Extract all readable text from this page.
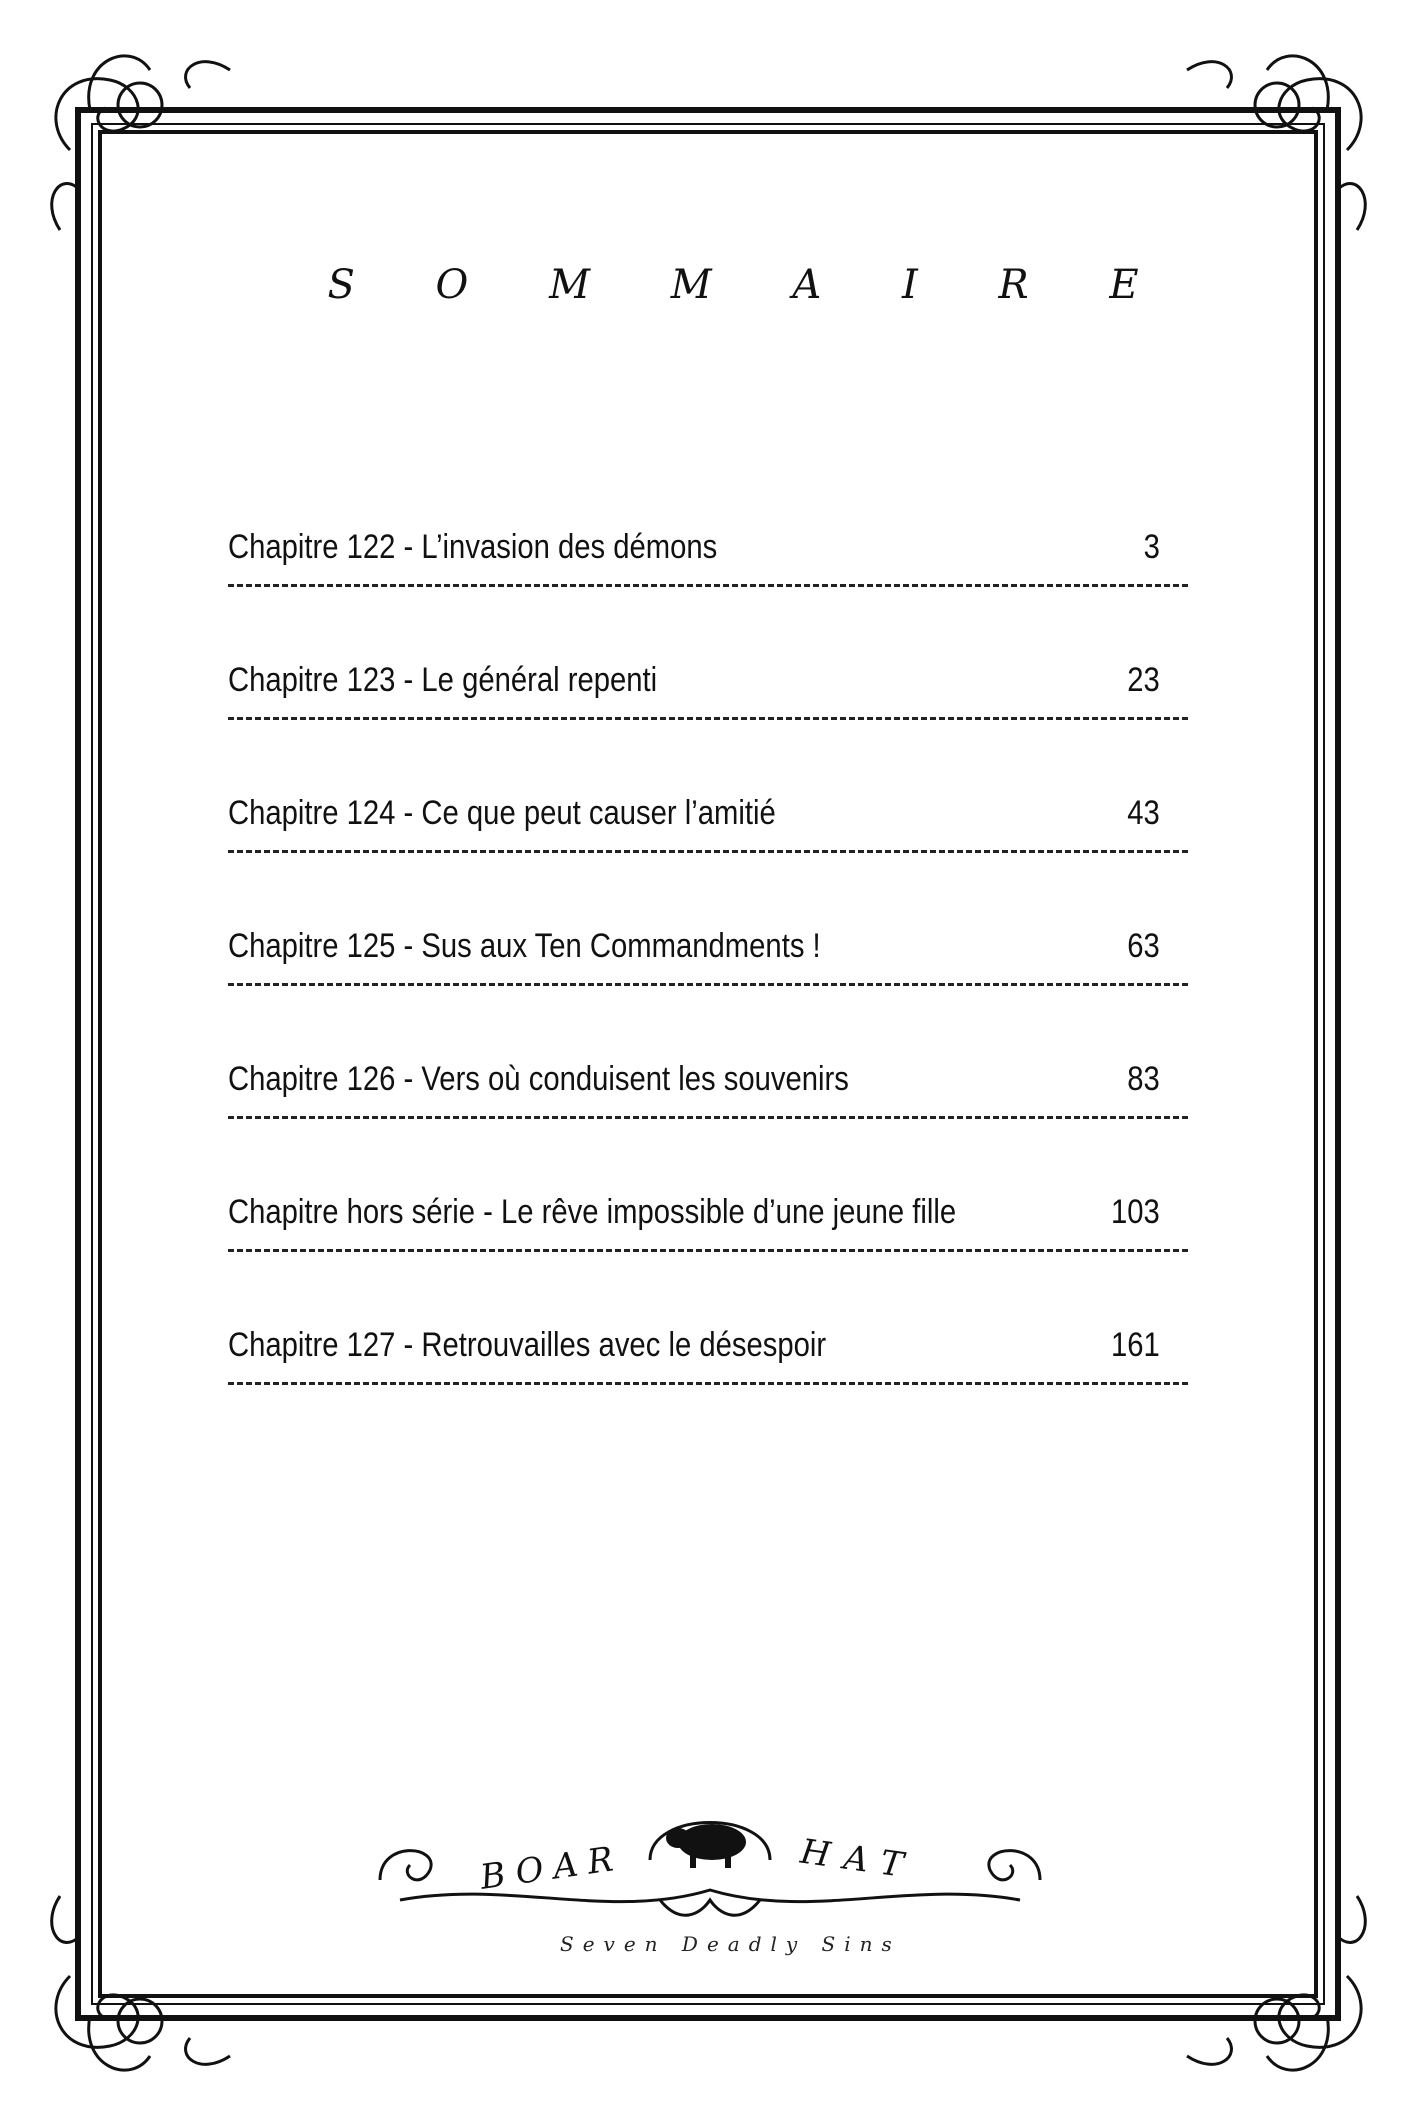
S O M M A I R E
Chapitre 122 - L’invasion des démons	3
Chapitre 123 - Le général repenti	23
Chapitre 124 - Ce que peut causer l’amitié	43
Chapitre 125 - Sus aux Ten Commandments !	63
Chapitre 126 - Vers où conduisent les souvenirs	83
Chapitre hors série - Le rêve impossible d’une jeune fille	103
Chapitre 127 - Retrouvailles avec le désespoir	161
BOAR	HAT
Seven Deadly Sins
